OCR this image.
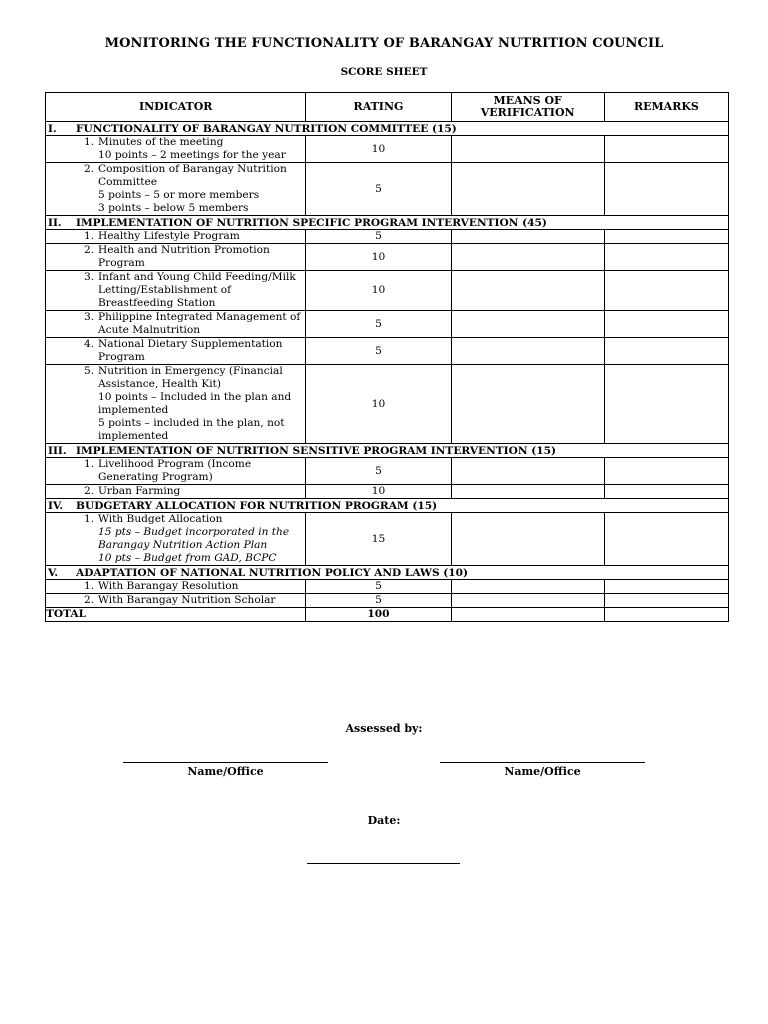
MONITORING THE FUNCTIONALITY OF BARANGAY NUTRITION COUNCIL
SCORE SHEET
INDICATOR	RATING	MEANS OF VERIFICATION	REMARKS
I. FUNCTIONALITY OF BARANGAY NUTRITION COMMITTEE (15)			

1. Minutes of the meeting
10 points – 2 meetings for the year	10		

2. Composition of Barangay Nutrition Committee
5 points – 5 or more members
3 points – below 5 members	5		
II. IMPLEMENTATION OF NUTRITION SPECIFIC PROGRAM INTERVENTION (45)			

1. Healthy Lifestyle Program	5		

2. Health and Nutrition Promotion Program	10		

3. Infant and Young Child Feeding/Milk Letting/Establishment of Breastfeeding Station	10		

3. Philippine Integrated Management of Acute Malnutrition	5		

4. National Dietary Supplementation Program	5		

5. Nutrition in Emergency (Financial Assistance, Health Kit)
10 points – Included in the plan and implemented
5 points – included in the plan, not implemented	10		
III. IMPLEMENTATION OF NUTRITION SENSITIVE PROGRAM INTERVENTION (15)			

1. Livelihood Program (Income Generating Program)	5		

2. Urban Farming	10		
IV. BUDGETARY ALLOCATION FOR NUTRITION PROGRAM (15)			

1. With Budget Allocation
15 pts – Budget incorporated in the Barangay Nutrition Action Plan
10 pts – Budget from GAD, BCPC	15		
V. ADAPTATION OF NATIONAL NUTRITION POLICY AND LAWS (10)			

1. With Barangay Resolution	5		

2. With Barangay Nutrition Scholar	5		
TOTAL	100		
Assessed by:
Name/Office	Name/Office
Date:
